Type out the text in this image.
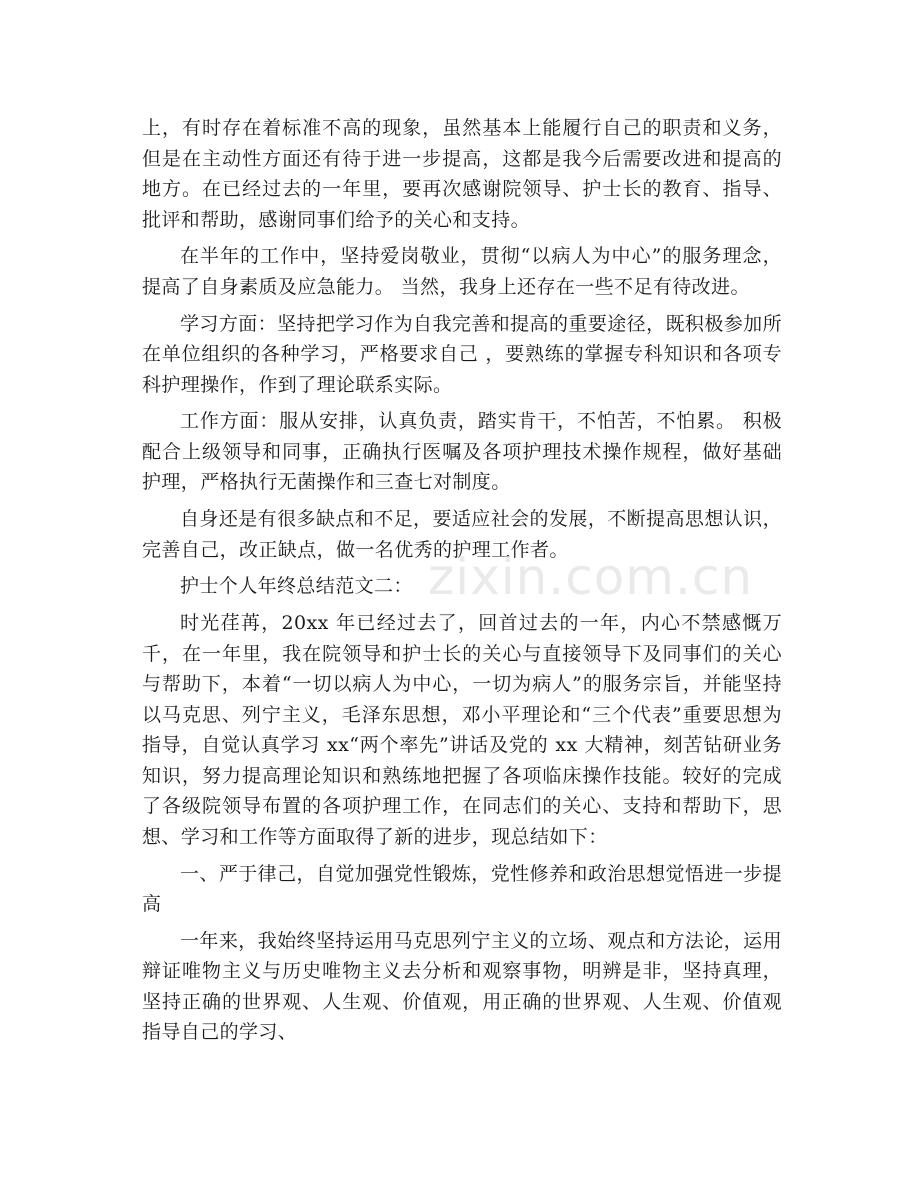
上，有时存在着标准不高的现象，虽然基本上能履行自己的职责和义务，但是在主动性方面还有待于进一步提高，这都是我今后需要改进和提高的地方。在已经过去的一年里，要再次感谢院领导、护士长的教育、指导、批评和帮助，感谢同事们给予的关心和支持。

在半年的工作中，坚持爱岗敬业，贯彻“以病人为中心”的服务理念，提高了自身素质及应急能力。 当然，我身上还存在一些不足有待改进。

学习方面：坚持把学习作为自我完善和提高的重要途径，既积极参加所在单位组织的各种学习，严格要求自己 ，要熟练的掌握专科知识和各项专科护理操作，作到了理论联系实际。

工作方面：服从安排，认真负责，踏实肯干，不怕苦，不怕累。 积极配合上级领导和同事，正确执行医嘱及各项护理技术操作规程，做好基础护理，严格执行无菌操作和三查七对制度。

自身还是有很多缺点和不足，要适应社会的发展，不断提高思想认识，完善自己，改正缺点，做一名优秀的护理工作者。

护士个人年终总结范文二：

时光荏苒，20xx 年已经过去了，回首过去的一年，内心不禁感慨万千，在一年里，我在院领导和护士长的关心与直接领导下及同事们的关心与帮助下，本着“一切以病人为中心，一切为病人”的服务宗旨，并能坚持以马克思、列宁主义，毛泽东思想，邓小平理论和“三个代表”重要思想为指导，自觉认真学习 xx“两个率先”讲话及党的 xx 大精神，刻苦钻研业务知识，努力提高理论知识和熟练地把握了各项临床操作技能。较好的完成了各级院领导布置的各项护理工作，在同志们的关心、支持和帮助下，思想、学习和工作等方面取得了新的进步，现总结如下：

一、严于律己，自觉加强党性锻炼，党性修养和政治思想觉悟进一步提高

一年来，我始终坚持运用马克思列宁主义的立场、观点和方法论，运用辩证唯物主义与历史唯物主义去分析和观察事物，明辨是非，坚持真理，坚持正确的世界观、人生观、价值观，用正确的世界观、人生观、价值观指导自己的学习、

zixin.com.cn
